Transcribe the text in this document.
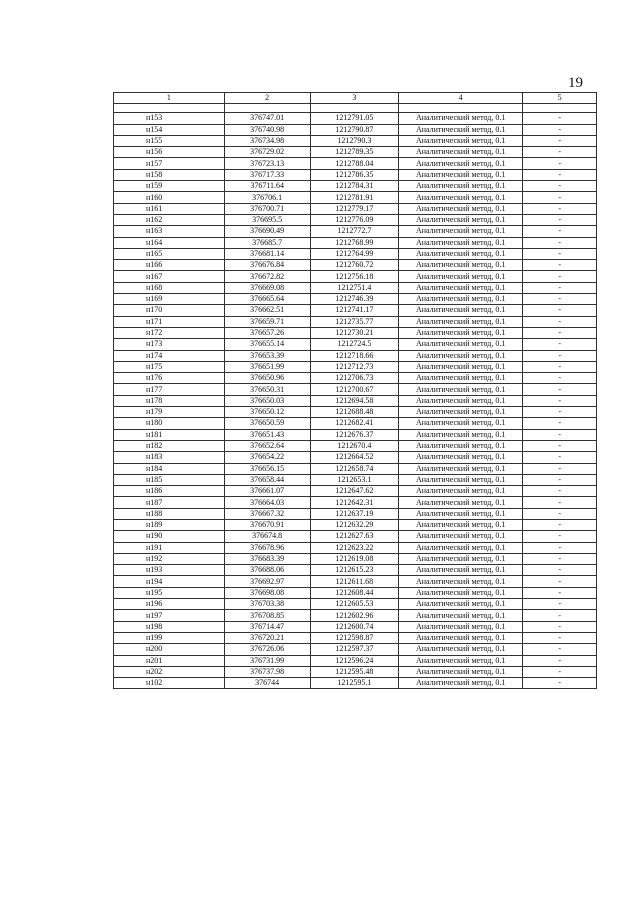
19
1	2	3	4	5

н153	376747.01	1212791.05	Аналитический метод, 0.1	-
н154	376740.98	1212790.87	Аналитический метод, 0.1	-
н155	376734.98	1212790.3	Аналитический метод, 0.1	-
н156	376729.02	1212789.35	Аналитический метод, 0.1	-
н157	376723.13	1212788.04	Аналитический метод, 0.1	-
н158	376717.33	1212786.35	Аналитический метод, 0.1	-
н159	376711.64	1212784.31	Аналитический метод, 0.1	-
н160	376706.1	1212781.91	Аналитический метод, 0.1	-
н161	376700.71	1212779.17	Аналитический метод, 0.1	-
н162	376695.5	1212776.09	Аналитический метод, 0.1	-
н163	376690.49	1212772.7	Аналитический метод, 0.1	-
н164	376685.7	1212768.99	Аналитический метод, 0.1	-
н165	376681.14	1212764.99	Аналитический метод, 0.1	-
н166	376676.84	1212760.72	Аналитический метод, 0.1	-
н167	376672.82	1212756.18	Аналитический метод, 0.1	-
н168	376669.08	1212751.4	Аналитический метод, 0.1	-
н169	376665.64	1212746.39	Аналитический метод, 0.1	-
н170	376662.51	1212741.17	Аналитический метод, 0.1	-
н171	376659.71	1212735.77	Аналитический метод, 0.1	-
н172	376657.26	1212730.21	Аналитический метод, 0.1	-
н173	376655.14	1212724.5	Аналитический метод, 0.1	-
н174	376653.39	1212718.66	Аналитический метод, 0.1	-
н175	376651.99	1212712.73	Аналитический метод, 0.1	-
н176	376650.96	1212706.73	Аналитический метод, 0.1	-
н177	376650.31	1212700.67	Аналитический метод, 0.1	-
н178	376650.03	1212694.58	Аналитический метод, 0.1	-
н179	376650.12	1212688.48	Аналитический метод, 0.1	-
н180	376650.59	1212682.41	Аналитический метод, 0.1	-
н181	376651.43	1212676.37	Аналитический метод, 0.1	-
н182	376652.64	1212670.4	Аналитический метод, 0.1	-
н183	376654.22	1212664.52	Аналитический метод, 0.1	-
н184	376656.15	1212658.74	Аналитический метод, 0.1	-
н185	376658.44	1212653.1	Аналитический метод, 0.1	-
н186	376661.07	1212647.62	Аналитический метод, 0.1	-
н187	376664.03	1212642.31	Аналитический метод, 0.1	-
н188	376667.32	1212637.19	Аналитический метод, 0.1	-
н189	376670.91	1212632.29	Аналитический метод, 0.1	-
н190	376674.8	1212627.63	Аналитический метод, 0.1	-
н191	376678.96	1212623.22	Аналитический метод, 0.1	-
н192	376683.39	1212619.08	Аналитический метод, 0.1	-
н193	376688.06	1212615.23	Аналитический метод, 0.1	-
н194	376692.97	1212611.68	Аналитический метод, 0.1	-
н195	376698.08	1212608.44	Аналитический метод, 0.1	-
н196	376703.38	1212605.53	Аналитический метод, 0.1	-
н197	376708.85	1212602.96	Аналитический метод, 0.1	-
н198	376714.47	1212600.74	Аналитический метод, 0.1	-
н199	376720.21	1212598.87	Аналитический метод, 0.1	-
н200	376726.06	1212597.37	Аналитический метод, 0.1	-
н201	376731.99	1212596.24	Аналитический метод, 0.1	-
н202	376737.98	1212595.48	Аналитический метод, 0.1	-
н102	376744	1212595.1	Аналитический метод, 0.1	-
